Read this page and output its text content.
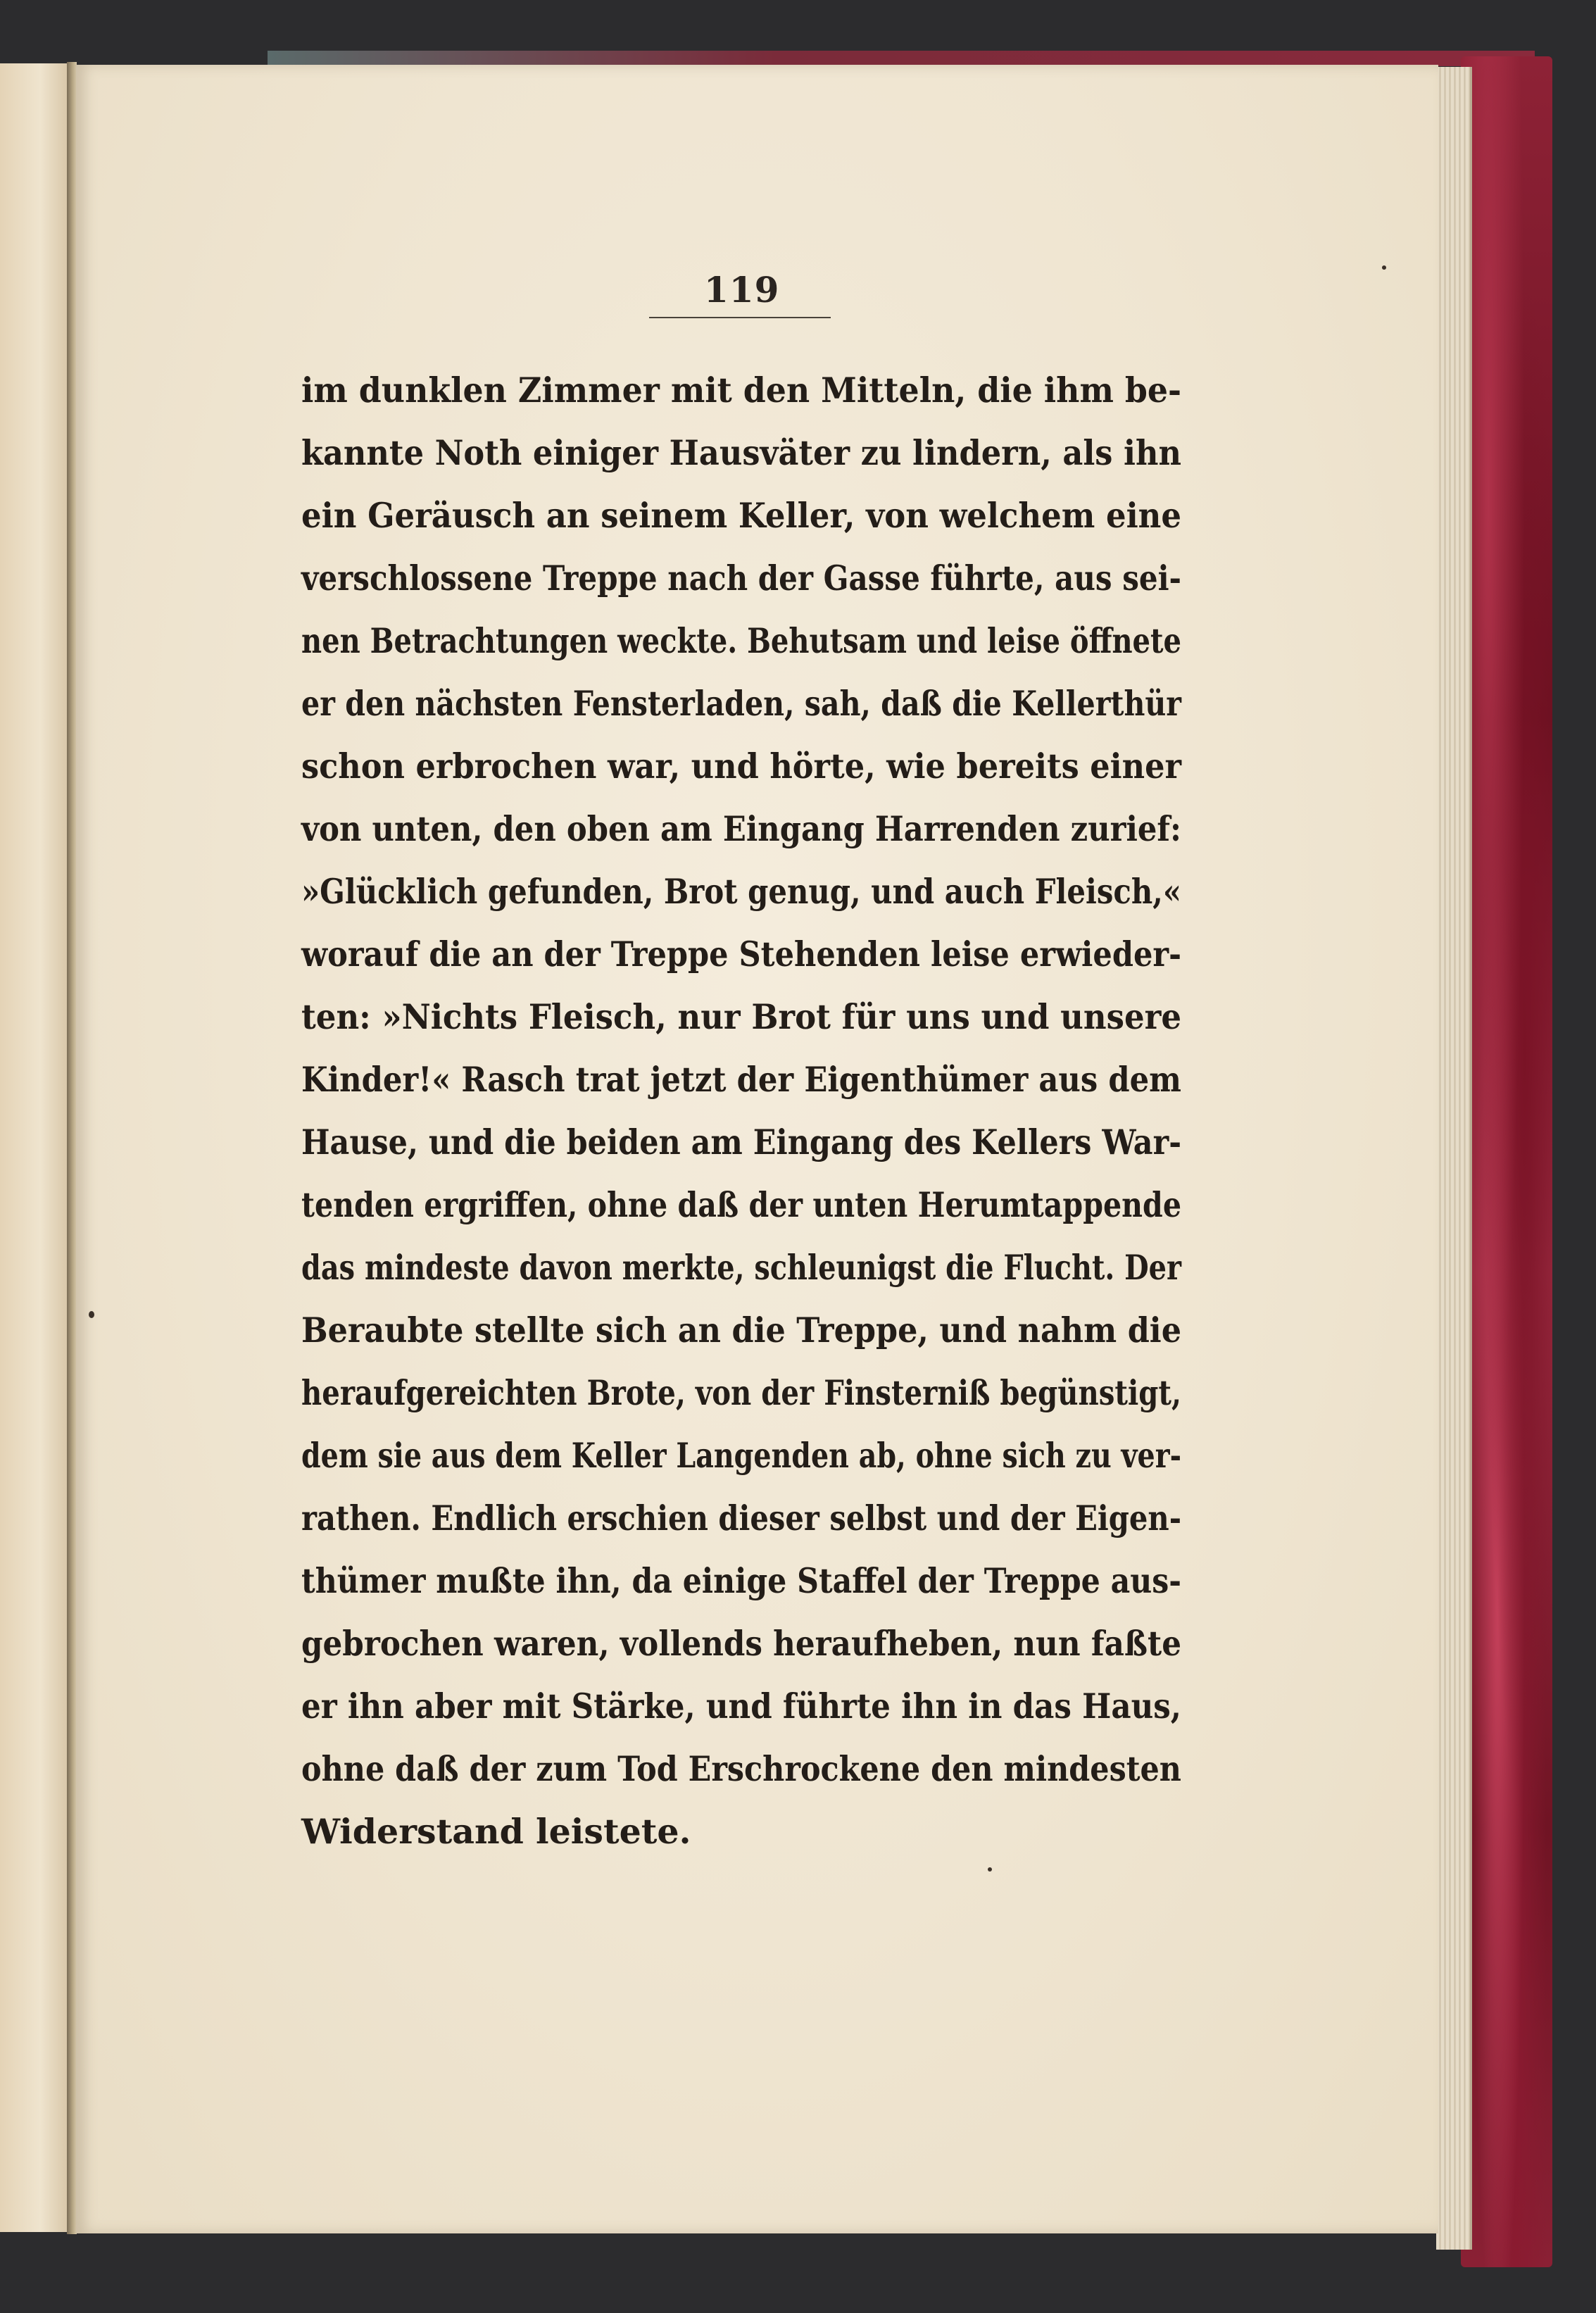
119
im dunklen Zimmer mit den Mitteln, die ihm be-
kannte Noth einiger Hausväter zu lindern, als ihn
ein Geräusch an seinem Keller, von welchem eine
verschlossene Treppe nach der Gasse führte, aus sei-
nen Betrachtungen weckte. Behutsam und leise öffnete
er den nächsten Fensterladen, sah, daß die Kellerthür
schon erbrochen war, und hörte, wie bereits einer
von unten, den oben am Eingang Harrenden zurief:
»Glücklich gefunden, Brot genug, und auch Fleisch,«
worauf die an der Treppe Stehenden leise erwieder-
ten: »Nichts Fleisch, nur Brot für uns und unsere
Kinder!« Rasch trat jetzt der Eigenthümer aus dem
Hause, und die beiden am Eingang des Kellers War-
tenden ergriffen, ohne daß der unten Herumtappende
das mindeste davon merkte, schleunigst die Flucht. Der
Beraubte stellte sich an die Treppe, und nahm die
heraufgereichten Brote, von der Finsterniß begünstigt,
dem sie aus dem Keller Langenden ab, ohne sich zu ver-
rathen. Endlich erschien dieser selbst und der Eigen-
thümer mußte ihn, da einige Staffel der Treppe aus-
gebrochen waren, vollends heraufheben, nun faßte
er ihn aber mit Stärke, und führte ihn in das Haus,
ohne daß der zum Tod Erschrockene den mindesten
Widerstand leistete.
